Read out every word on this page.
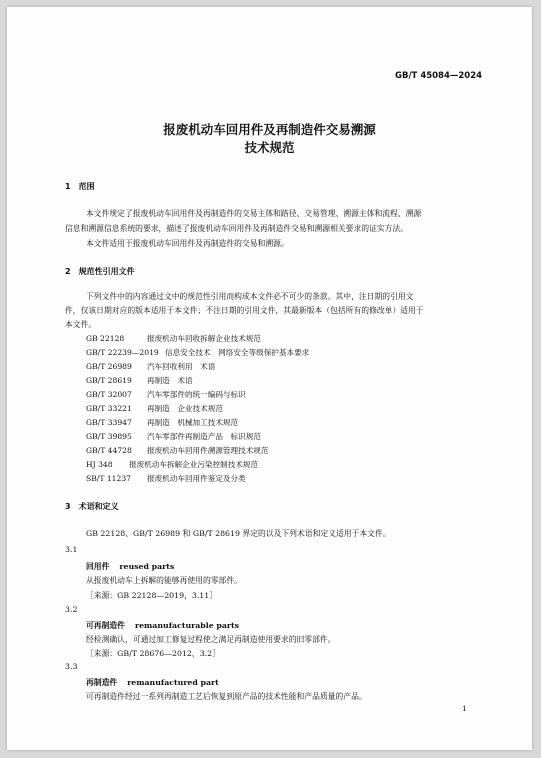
GB/T 45084—2024
报废机动车回用件及再制造件交易溯源
技术规范
1　范围
本文件规定了报废机动车回用件及再制造件的交易主体和路径、交易管理、溯源主体和流程、溯源
信息和溯源信息系统的要求，描述了报废机动车回用件及再制造件交易和溯源相关要求的证实方法。
本文件适用于报废机动车回用件及再制造件的交易和溯源。
2　规范性引用文件
下列文件中的内容通过文中的规范性引用而构成本文件必不可少的条款。其中，注日期的引用文
件，仅该日期对应的版本适用于本文件；不注日期的引用文件，其最新版本（包括所有的修改单）适用于
本文件。
GB 22128	报废机动车回收拆解企业技术规范
GB/T 22239—2019 信息安全技术　网络安全等级保护基本要求
GB/T 26989 汽车回收利用　术语
GB/T 28619 再制造　术语
GB/T 32007 汽车零部件的统一编码与标识
GB/T 33221 再制造　企业技术规范
GB/T 33947 再制造　机械加工技术规范
GB/T 39895 汽车零部件再制造产品　标识规范
GB/T 44728 报废机动车回用件溯源管理技术规范
HJ 348 报废机动车拆解企业污染控制技术规范
SB/T 11237 报废机动车回用件鉴定及分类
3　术语和定义
GB 22128、GB/T 26989 和 GB/T 28619 界定的以及下列术语和定义适用于本文件。
3.1
回用件 reused parts
从报废机动车上拆解的能够再使用的零部件。
［来源：GB 22128—2019，3.11］
3.2
可再制造件 remanufacturable parts
经检测确认，可通过加工修复过程使之满足再制造使用要求的旧零部件。
［来源：GB/T 28676—2012，3.2］
3.3
再制造件 remanufactured part
可再制造件经过一系列再制造工艺后恢复到原产品的技术性能和产品质量的产品。
1
